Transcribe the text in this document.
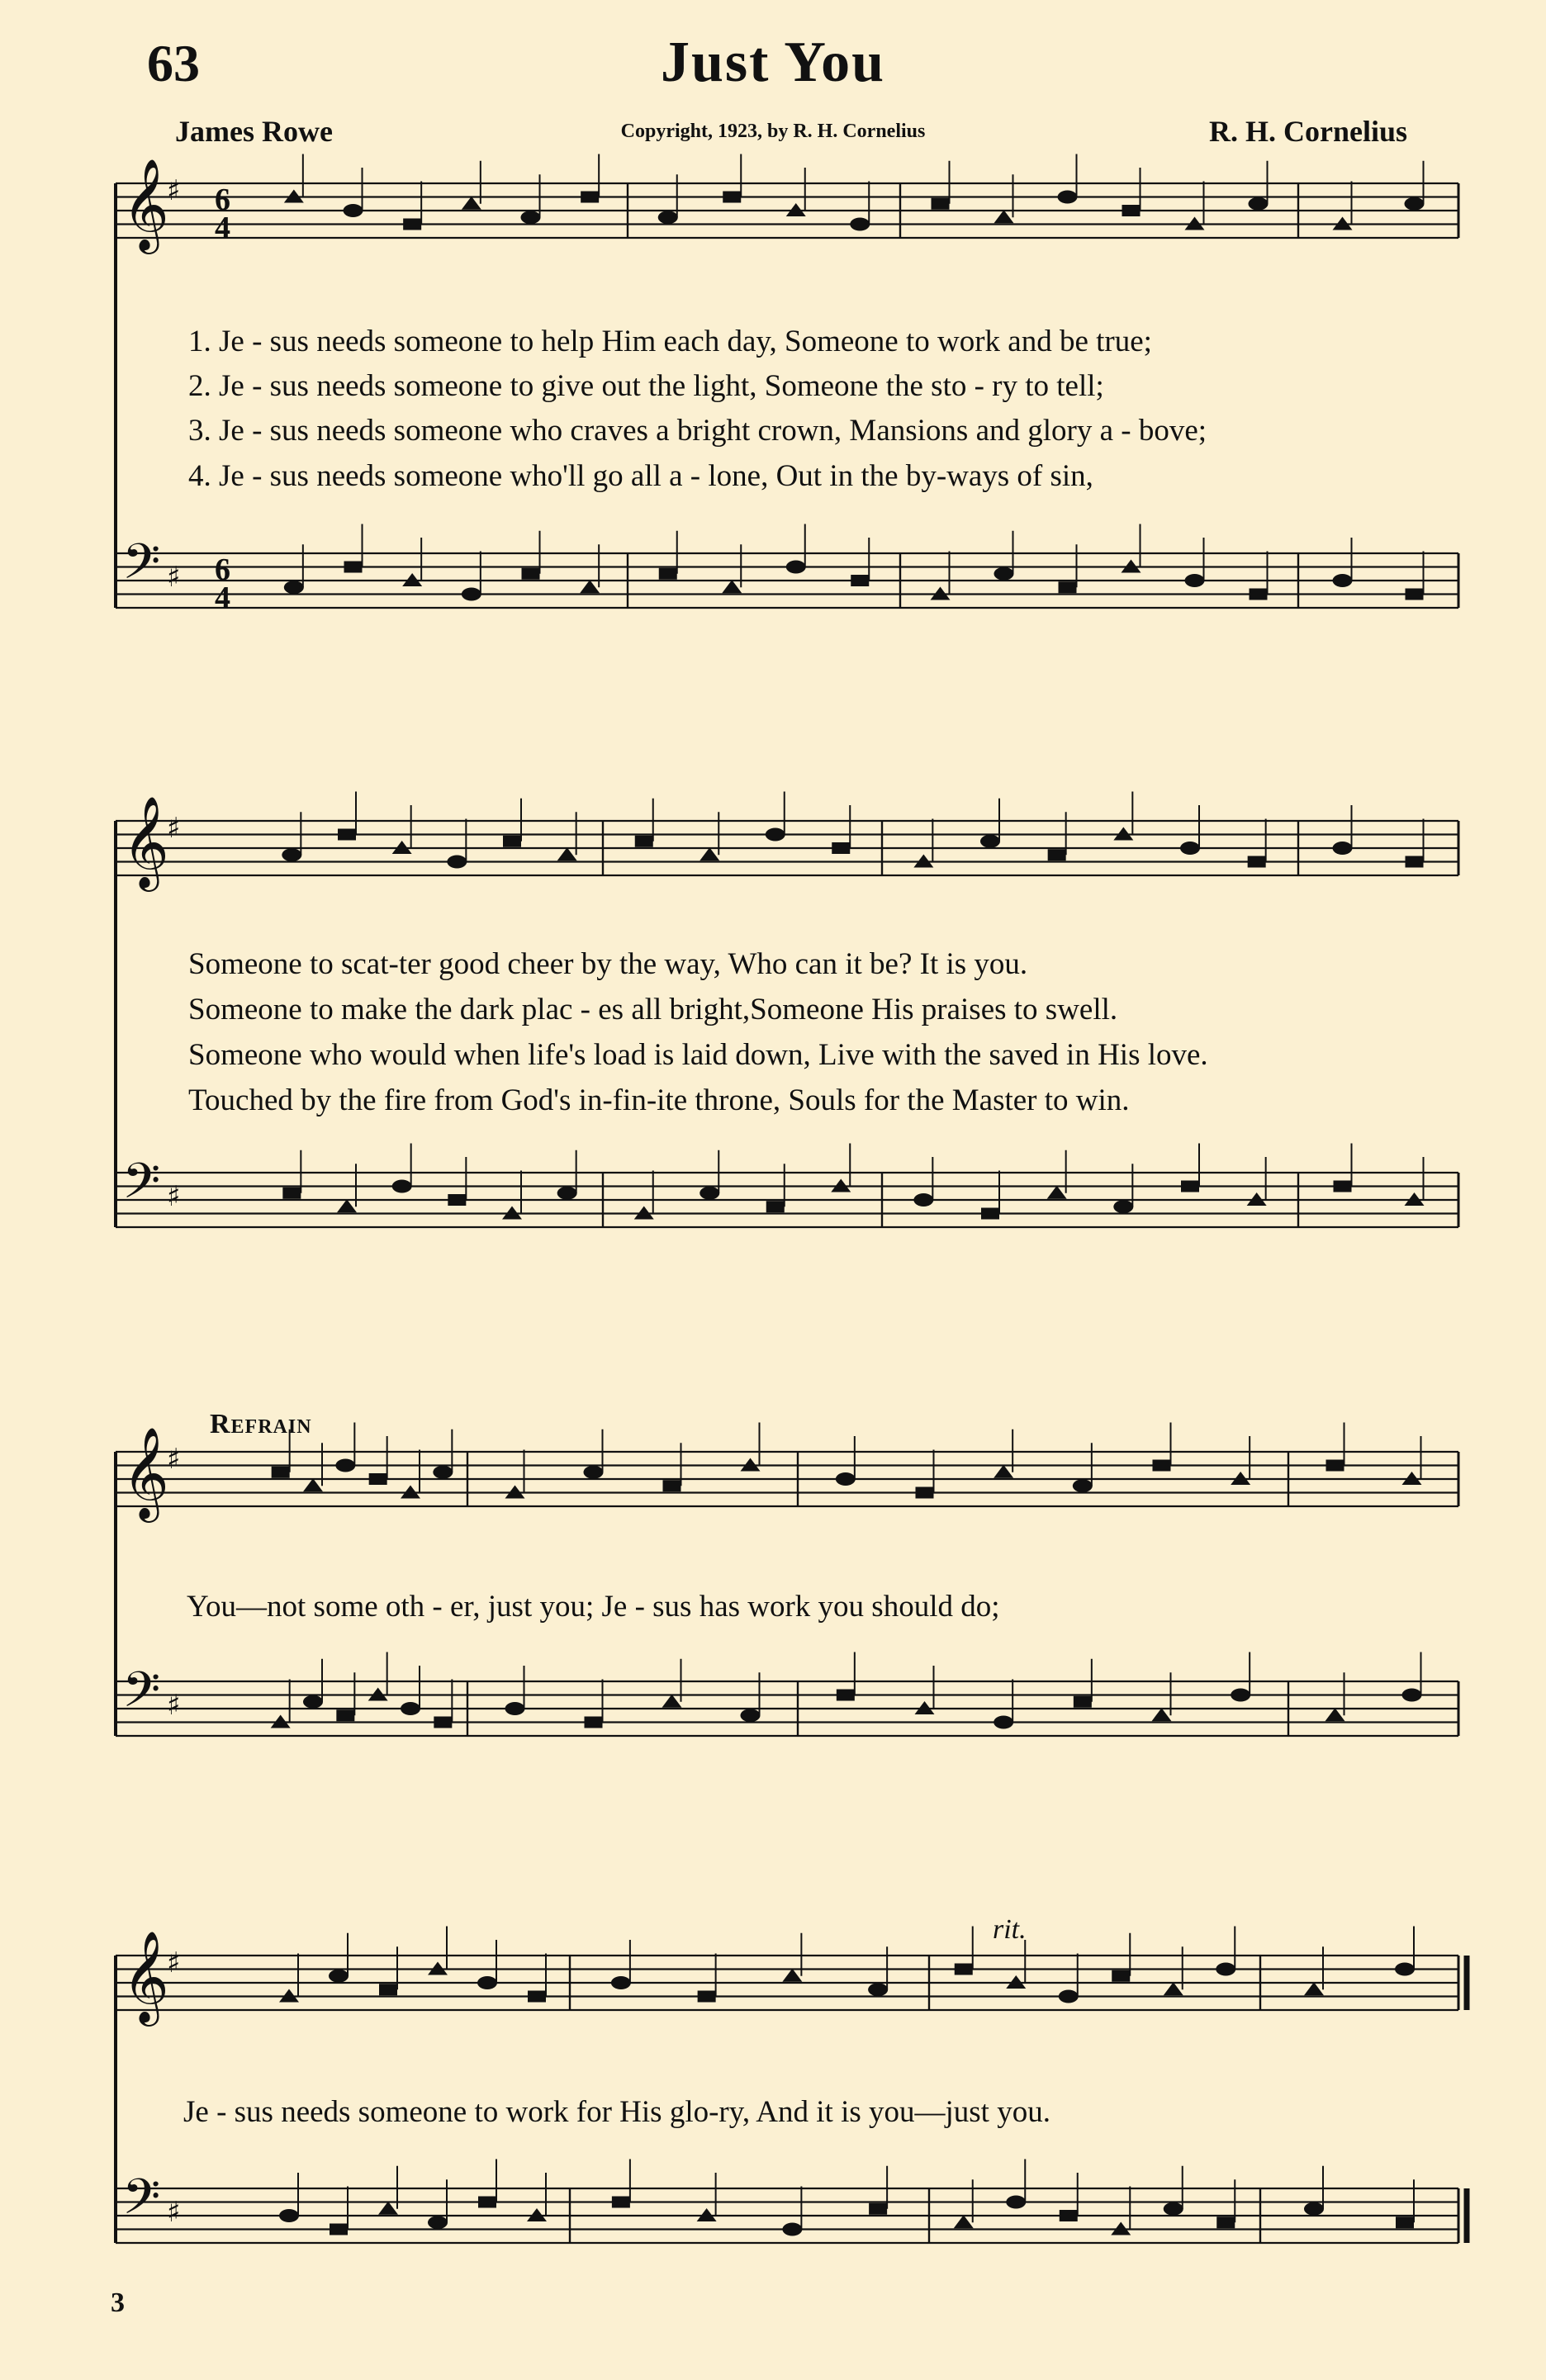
63	Just You
James Rowe	Copyright, 1923, by R. H. Cornelius	R. H. Cornelius
𝄞
♯
𝄢 ♯
𝄞
♯
𝄢 ♯
𝄞
♯
𝄢 ♯
𝄞
♯
𝄢 ♯
6
4
6
4
1. Je - sus needs someone to help Him each day, Someone to work and be true;
2. Je - sus needs someone to give out the light, Someone the sto - ry to tell;
3. Je - sus needs someone who craves a bright crown, Mansions and glory a - bove;
4. Je - sus needs someone who'll go all a - lone, Out in the by-ways of sin,
Someone to scat-ter good cheer by the way, Who can it be? It is you.
Someone to make the dark plac - es all bright,Someone His praises to swell.
Someone who would when life's load is laid down, Live with the saved in His love.
Touched by the fire from God's in-fin-ite throne, Souls for the Master to win.
Refrain
You—not some oth - er, just you; Je - sus has work you should do;
rit.
Je - sus needs someone to work for His glo-ry, And it is you—just you.
3
